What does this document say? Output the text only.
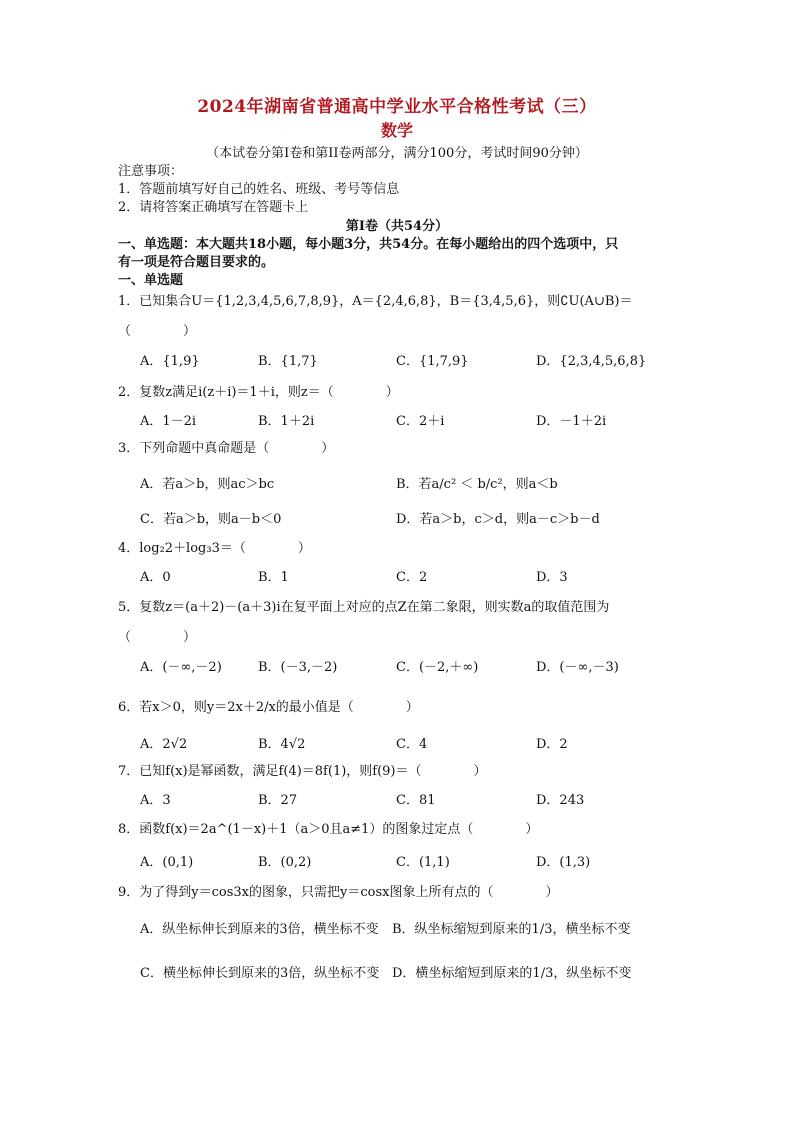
2024年湖南省普通高中学业水平合格性考试（三）
数学
（本试卷分第I卷和第II卷两部分，满分100分，考试时间90分钟）
注意事项：
1．答题前填写好自己的姓名、班级、考号等信息
2．请将答案正确填写在答题卡上
第I卷（共54分）
一、单选题：本大题共18小题，每小题3分，共54分。在每小题给出的四个选项中，只
有一项是符合题目要求的。
一、单选题
1．已知集合U＝{1,2,3,4,5,6,7,8,9}，A＝{2,4,6,8}，B＝{3,4,5,6}，则∁U(A∪B)＝
（　　　　）
A．{1,9}	B．{1,7}	C．{1,7,9}	D．{2,3,4,5,6,8}
2．复数z满足i(z＋i)＝1＋i，则z＝（　　　　）
A．1－2i	B．1＋2i	C．2＋i	D．－1＋2i
3．下列命题中真命题是（　　　　）
A．若a＞b，则ac＞bc	B．若a/c² ＜ b/c²，则a＜b
C．若a＞b，则a－b＜0	D．若a＞b，c＞d，则a－c＞b－d
4．log₂2＋log₃3＝（　　　　）
A．0	B．1	C．2	D．3
5．复数z＝(a＋2)－(a＋3)i在复平面上对应的点Z在第二象限，则实数a的取值范围为
（　　　　）
A．(－∞,－2)	B．(－3,－2)	C．(－2,＋∞)	D．(－∞,－3)
6．若x＞0，则y＝2x＋2/x的最小值是（　　　　）
A．2√2	B．4√2	C．4	D．2
7．已知f(x)是幂函数，满足f(4)＝8f(1)，则f(9)＝（　　　　）
A．3	B．27	C．81	D．243
8．函数f(x)＝2a^(1－x)＋1（a＞0且a≠1）的图象过定点（　　　　）
A．(0,1)	B．(0,2)	C．(1,1)	D．(1,3)
9．为了得到y＝cos3x的图象，只需把y＝cosx图象上所有点的（　　　　）
A．纵坐标伸长到原来的3倍，横坐标不变 B．纵坐标缩短到原来的1/3，横坐标不变
C．横坐标伸长到原来的3倍，纵坐标不变 D．横坐标缩短到原来的1/3，纵坐标不变
